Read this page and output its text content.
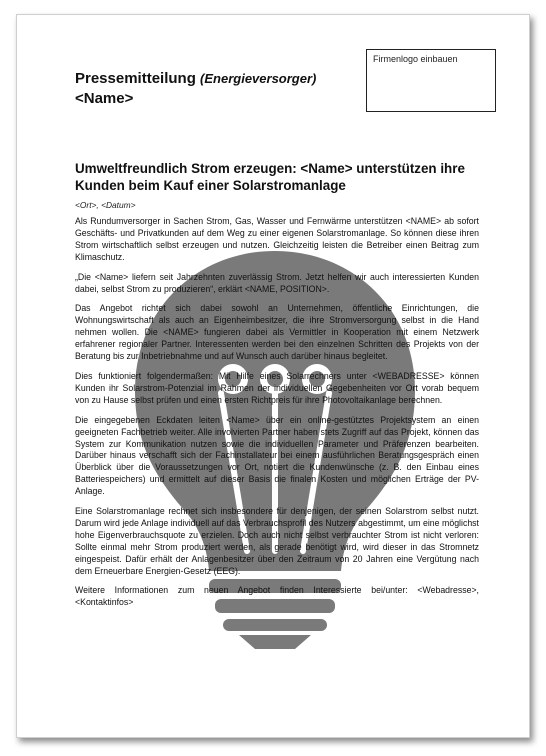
Firmenlogo einbauen
Pressemitteilung (Energieversorger)
<Name>
Umweltfreundlich Strom erzeugen: <Name> unterstützen ihre Kunden beim Kauf einer Solarstromanlage
<Ort>, <Datum>

Als Rundumversorger in Sachen Strom, Gas, Wasser und Fernwärme unterstützen <NAME> ab sofort Geschäfts- und Privatkunden auf dem Weg zu einer eigenen Solarstromanlage. So können diese ihren Strom wirtschaftlich selbst erzeugen und nutzen. Gleichzeitig leisten die Betreiber einen Beitrag zum Klimaschutz.

„Die <Name> liefern seit Jahrzehnten zuverlässig Strom. Jetzt helfen wir auch interessierten Kunden dabei, selbst Strom zu produzieren“, erklärt <NAME, POSITION>.

Das Angebot richtet sich dabei sowohl an Unternehmen, öffentliche Einrichtungen, die Wohnungswirtschaft als auch an Eigenheimbesitzer, die ihre Stromversorgung selbst in die Hand nehmen wollen. Die <NAME> fungieren dabei als Vermittler in Kooperation mit einem Netzwerk erfahrener regionaler Partner. Interessenten werden bei den einzelnen Schritten des Projekts von der Beratung bis zur Inbetriebnahme und auf Wunsch auch darüber hinaus begleitet.

Dies funktioniert folgendermaßen: Mit Hilfe eines Solarrechners unter <WEBADRESSE> können Kunden ihr Solarstrom-Potenzial im Rahmen der individuellen Gegebenheiten vor Ort vorab bequem von zu Hause selbst prüfen und einen ersten Richtpreis für ihre Photovoltaikanlage berechnen.

Die eingegebenen Eckdaten leiten <Name> über ein online-gestütztes Projektsystem an einen geeigneten Fachbetrieb weiter. Alle involvierten Partner haben stets Zugriff auf das Projekt, können das System zur Kommunikation nutzen sowie die individuellen Parameter und Präferenzen bearbeiten. Darüber hinaus verschafft sich der Fachinstallateur bei einem ausführlichen Beratungsgespräch einen Überblick über die Voraussetzungen vor Ort, notiert die Kundenwünsche (z. B. den Einbau eines Batteriespeichers) und ermittelt auf dieser Basis die finalen Kosten und möglichen Erträge der PV-Anlage.

Eine Solarstromanlage rechnet sich insbesondere für denjenigen, der seinen Solarstrom selbst nutzt. Darum wird jede Anlage individuell auf das Verbrauchsprofil des Nutzers abgestimmt, um eine möglichst hohe Eigenverbrauchsquote zu erzielen. Doch auch nicht selbst verbrauchter Strom ist nicht verloren: Sollte einmal mehr Strom produziert werden, als gerade benötigt wird, wird dieser in das Stromnetz eingespeist. Dafür erhält der Anlagenbesitzer über den Zeitraum von 20 Jahren eine Vergütung nach dem Erneuerbare Energien-Gesetz (EEG).

Weitere Informationen zum neuen Angebot finden Interessierte bei/unter: <Webadresse>, <Kontaktinfos>
